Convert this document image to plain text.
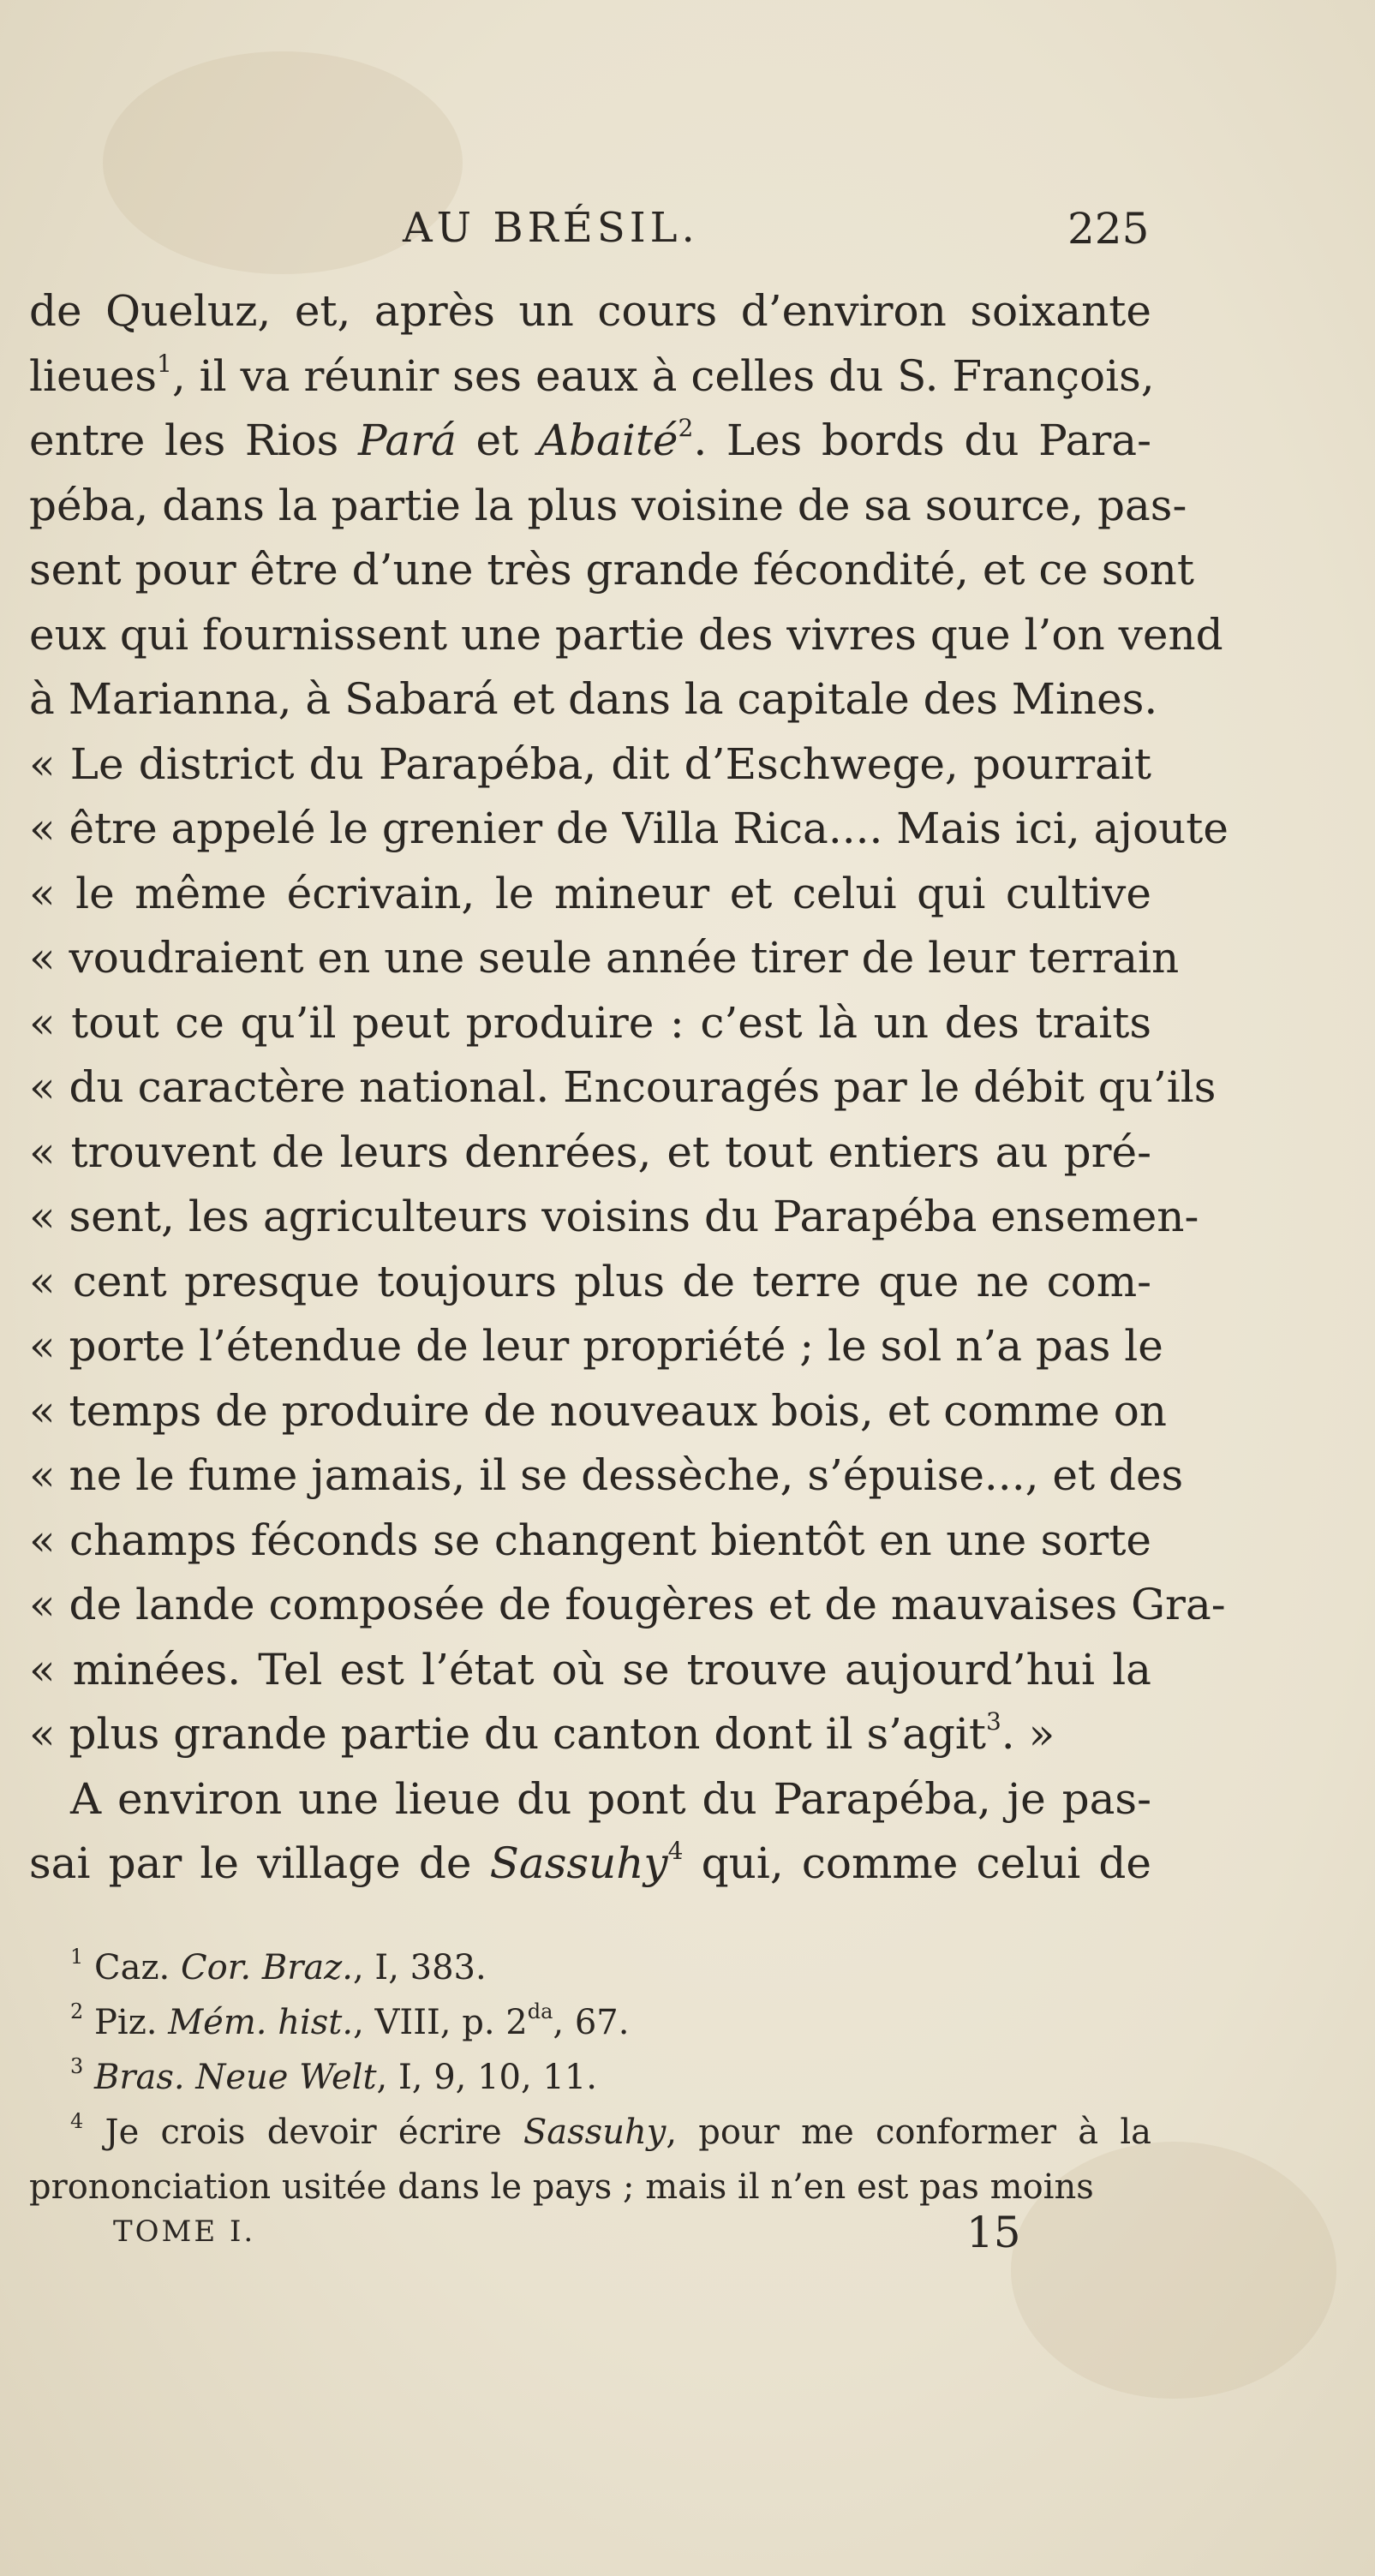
AU BRÉSIL.	225
de Queluz, et, après un cours d’environ soixante
lieues$^1$, il va réunir ses eaux à celles du S. François,
entre les Rios Pará et Abaité$^2$. Les bords du Para-
péba, dans la partie la plus voisine de sa source, pas-
sent pour être d’une très grande fécondité, et ce sont
eux qui fournissent une partie des vivres que l’on vend
à Marianna, à Sabará et dans la capitale des Mines.
« Le district du Parapéba, dit d’Eschwege, pourrait
« être appelé le grenier de Villa Rica.... Mais ici, ajoute
« le même écrivain, le mineur et celui qui cultive
« voudraient en une seule année tirer de leur terrain
« tout ce qu’il peut produire : c’est là un des traits
« du caractère national. Encouragés par le débit qu’ils
« trouvent de leurs denrées, et tout entiers au pré-
« sent, les agriculteurs voisins du Parapéba ensemen-
« cent presque toujours plus de terre que ne com-
« porte l’étendue de leur propriété ; le sol n’a pas le
« temps de produire de nouveaux bois, et comme on
« ne le fume jamais, il se dessèche, s’épuise..., et des
« champs féconds se changent bientôt en une sorte
« de lande composée de fougères et de mauvaises Gra-
« minées. Tel est l’état où se trouve aujourd’hui la
« plus grande partie du canton dont il s’agit$^3$. »
A environ une lieue du pont du Parapéba, je pas-
sai par le village de Sassuhy$^4$ qui, comme celui de
$^1$ Caz. Cor. Braz., I, 383.
$^2$ Piz. Mém. hist., VIII, p. $2^{da}$, 67.
$^3$ Bras. Neue Welt, I, 9, 10, 11.
$^4$ Je crois devoir écrire Sassuhy, pour me conformer à la
prononciation usitée dans le pays ; mais il n’en est pas moins
TOME I.	15
